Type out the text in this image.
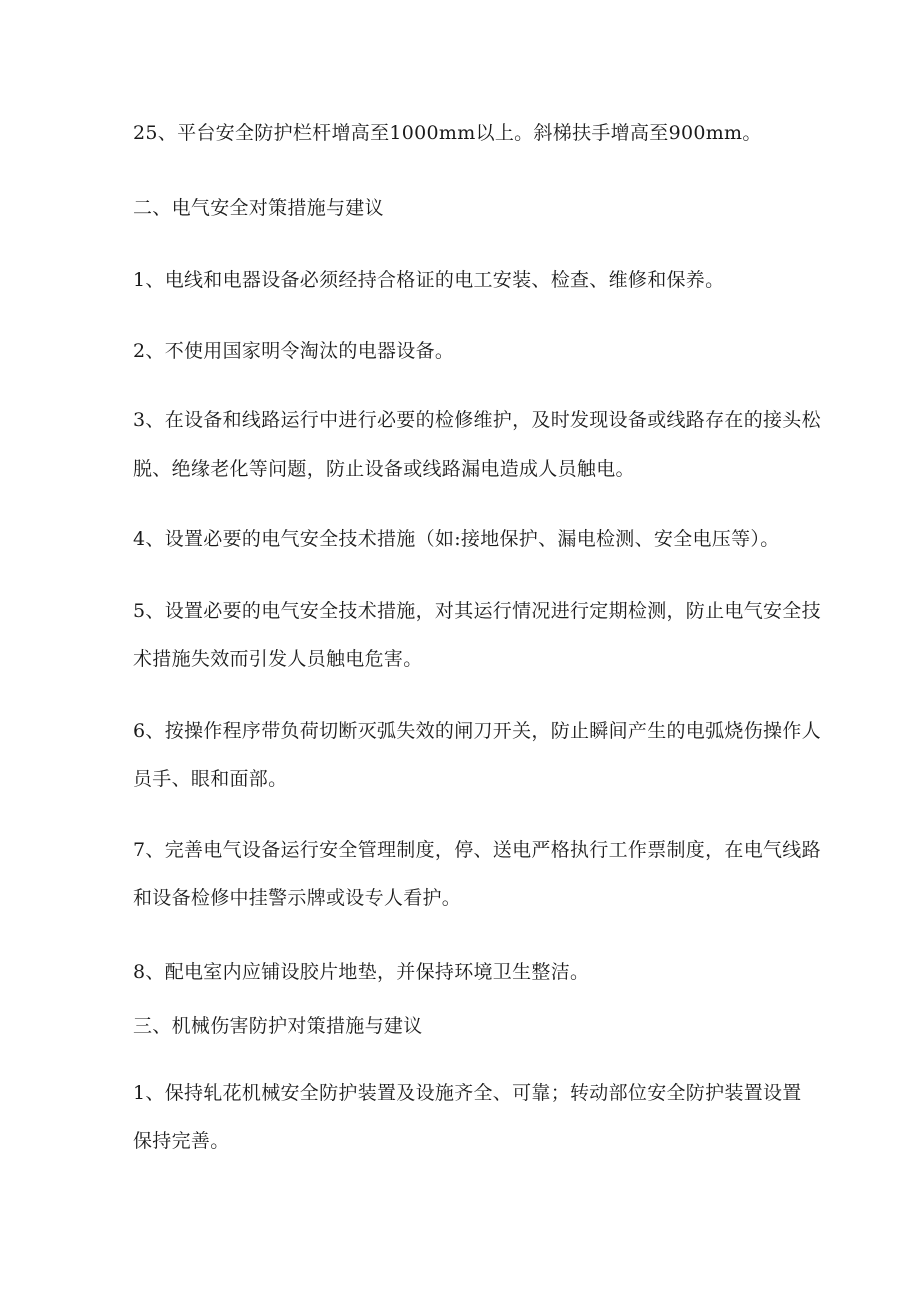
25、平台安全防护栏杆增高至1000mm以上。斜梯扶手增高至900mm。
二、电气安全对策措施与建议
1、电线和电器设备必须经持合格证的电工安装、检查、维修和保养。
2、不使用国家明令淘汰的电器设备。
3、在设备和线路运行中进行必要的检修维护，及时发现设备或线路存在的接头松
脱、绝缘老化等问题，防止设备或线路漏电造成人员触电。
4、设置必要的电气安全技术措施（如:接地保护、漏电检测、安全电压等）。
5、设置必要的电气安全技术措施，对其运行情况进行定期检测，防止电气安全技
术措施失效而引发人员触电危害。
6、按操作程序带负荷切断灭弧失效的闸刀开关，防止瞬间产生的电弧烧伤操作人
员手、眼和面部。
7、完善电气设备运行安全管理制度，停、送电严格执行工作票制度，在电气线路
和设备检修中挂警示牌或设专人看护。
8、配电室内应铺设胶片地垫，并保持环境卫生整洁。
三、机械伤害防护对策措施与建议
1、保持轧花机械安全防护装置及设施齐全、可靠；转动部位安全防护装置设置
保持完善。
